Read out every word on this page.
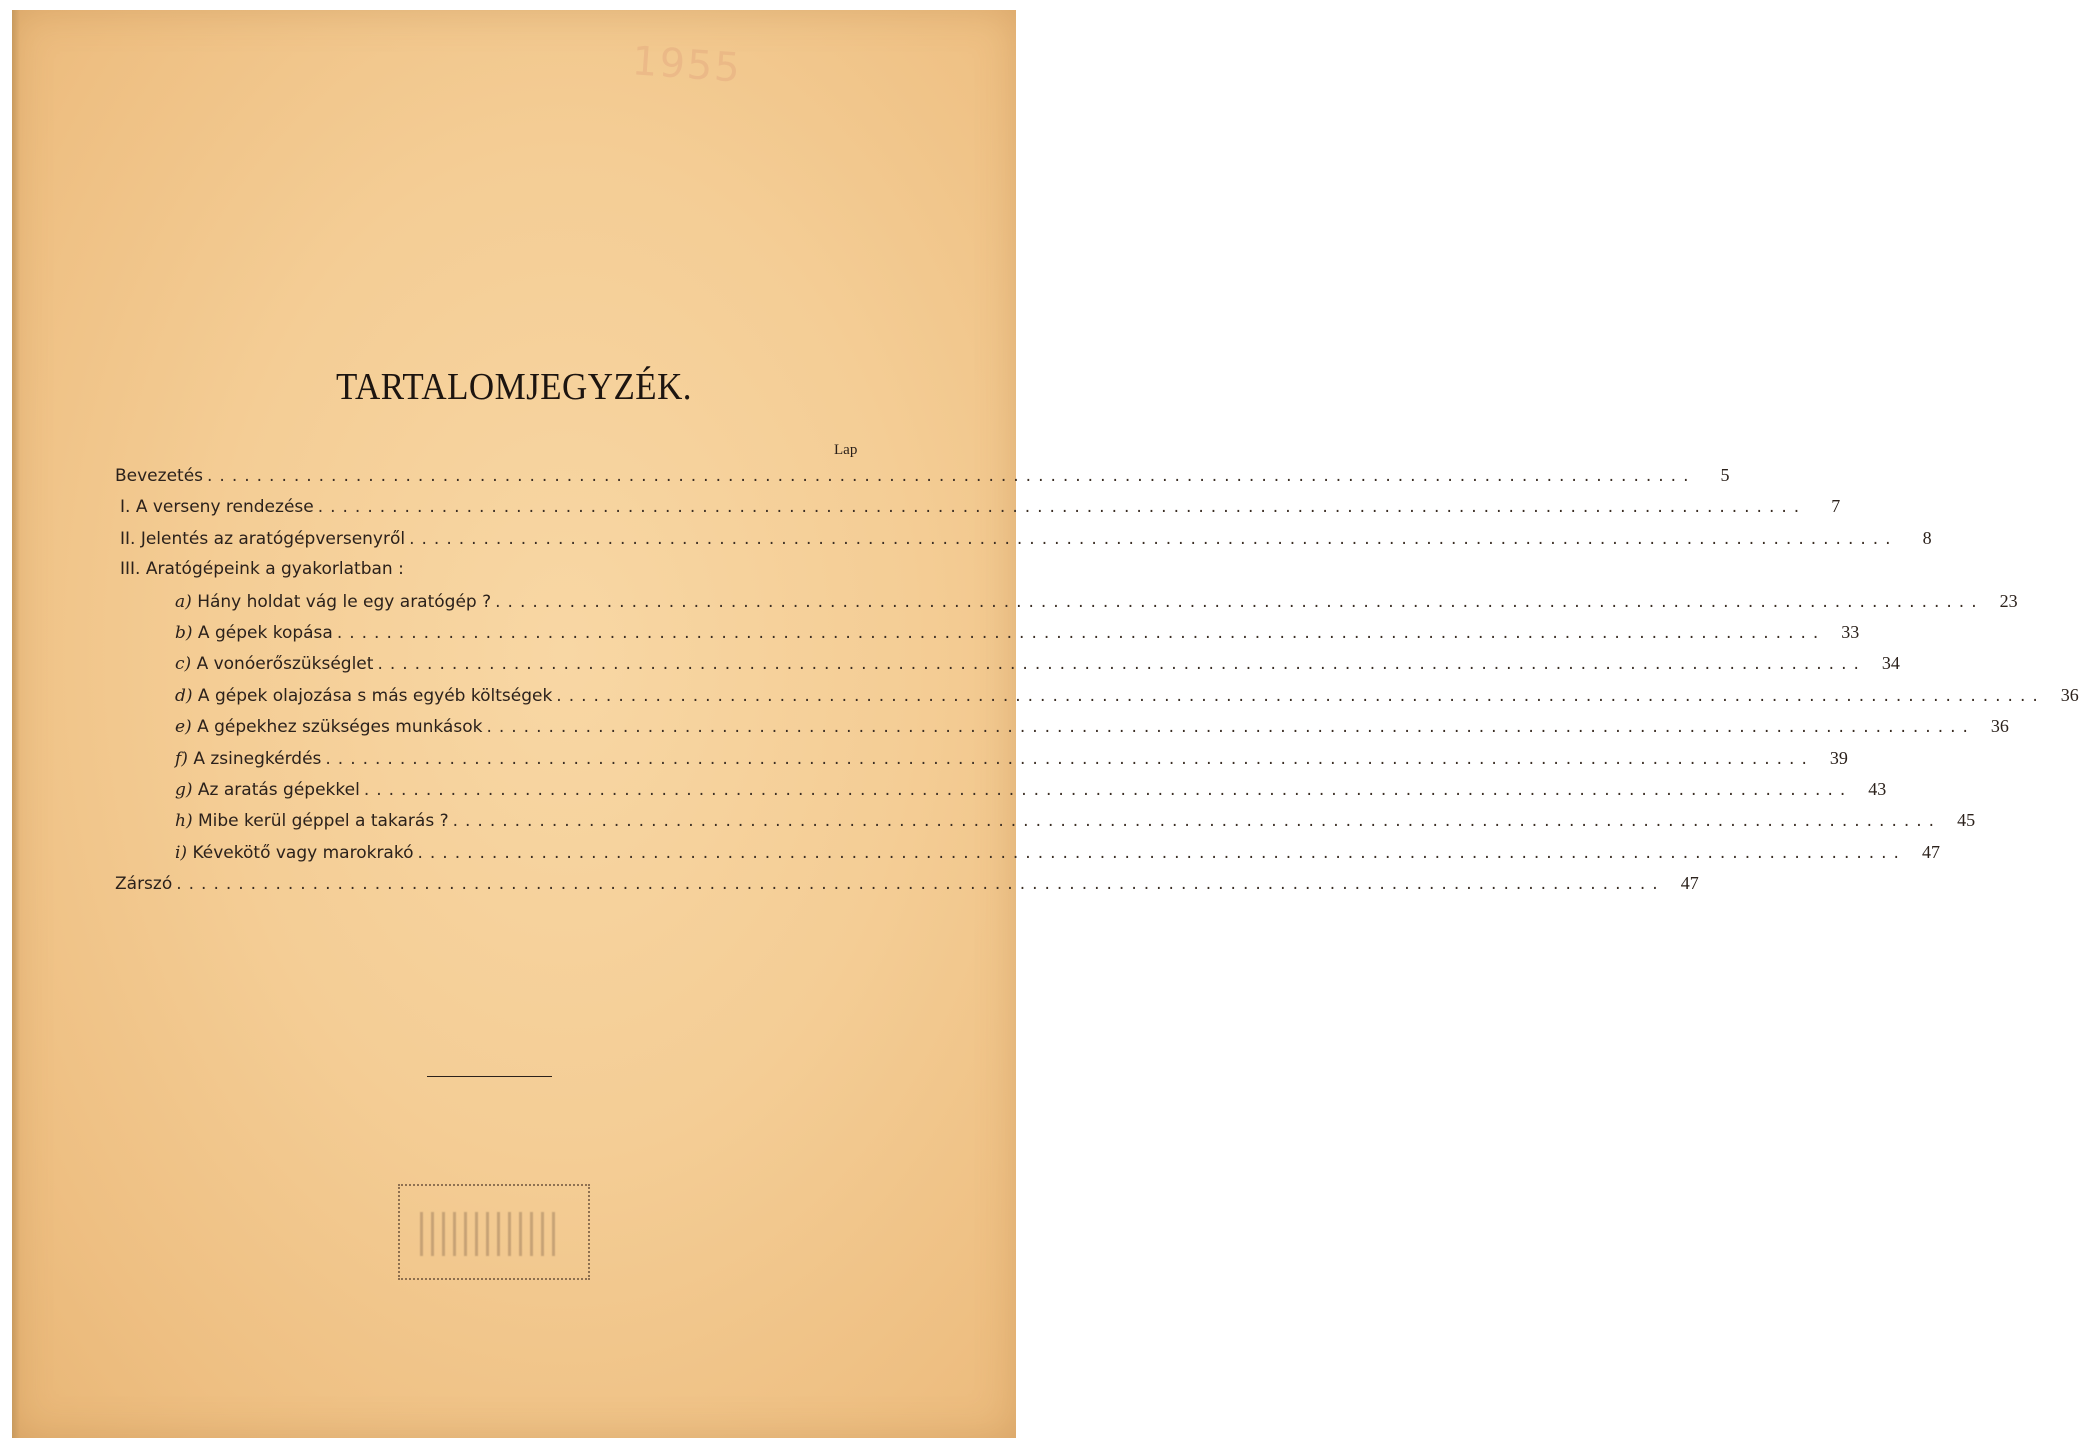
1955
TARTALOMJEGYZÉK.
Lap
Bevezetés ........................................................................................................................	5
I. A verseny rendezése ........................................................................................................................	7
II. Jelentés az aratógépversenyről ........................................................................................................................	8
III. Aratógépeink a gyakorlatban :
a) Hány holdat vág le egy aratógép ? ........................................................................................................................ 23
b) A gépek kopása ........................................................................................................................ 33
c) A vonóerőszükséglet ........................................................................................................................ 34
d) A gépek olajozása s más egyéb költségek ........................................................................................................................ 36
e) A gépekhez szükséges munkások ........................................................................................................................ 36
f) A zsinegkérdés ........................................................................................................................ 39
g) Az aratás gépekkel ........................................................................................................................ 43
h) Mibe kerül géppel a takarás ? ........................................................................................................................ 45
i) Kévekötő vagy marokrakó ........................................................................................................................ 47
Zárszó ........................................................................................................................ 47
